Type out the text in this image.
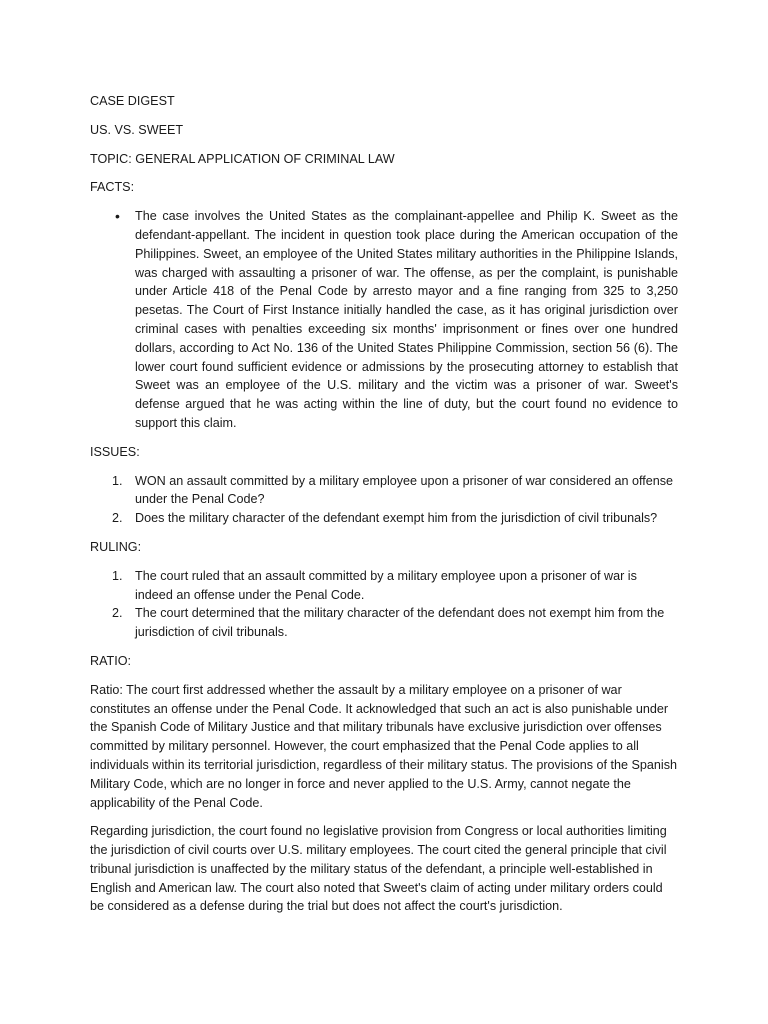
CASE DIGEST

US. VS. SWEET

TOPIC: GENERAL APPLICATION OF CRIMINAL LAW

FACTS:

• The case involves the United States as the complainant-appellee and Philip K. Sweet as the defendant-appellant. The incident in question took place during the American occupation of the Philippines. Sweet, an employee of the United States military authorities in the Philippine Islands, was charged with assaulting a prisoner of war. The offense, as per the complaint, is punishable under Article 418 of the Penal Code by arresto mayor and a fine ranging from 325 to 3,250 pesetas. The Court of First Instance initially handled the case, as it has original jurisdiction over criminal cases with penalties exceeding six months' imprisonment or fines over one hundred dollars, according to Act No. 136 of the United States Philippine Commission, section 56 (6). The lower court found sufficient evidence or admissions by the prosecuting attorney to establish that Sweet was an employee of the U.S. military and the victim was a prisoner of war. Sweet's defense argued that he was acting within the line of duty, but the court found no evidence to support this claim.

ISSUES:

1. WON an assault committed by a military employee upon a prisoner of war considered an offense under the Penal Code?
2. Does the military character of the defendant exempt him from the jurisdiction of civil tribunals?

RULING:

1. The court ruled that an assault committed by a military employee upon a prisoner of war is indeed an offense under the Penal Code.
2. The court determined that the military character of the defendant does not exempt him from the jurisdiction of civil tribunals.

RATIO:

Ratio: The court first addressed whether the assault by a military employee on a prisoner of war constitutes an offense under the Penal Code. It acknowledged that such an act is also punishable under the Spanish Code of Military Justice and that military tribunals have exclusive jurisdiction over offenses committed by military personnel. However, the court emphasized that the Penal Code applies to all individuals within its territorial jurisdiction, regardless of their military status. The provisions of the Spanish Military Code, which are no longer in force and never applied to the U.S. Army, cannot negate the applicability of the Penal Code.

Regarding jurisdiction, the court found no legislative provision from Congress or local authorities limiting the jurisdiction of civil courts over U.S. military employees. The court cited the general principle that civil tribunal jurisdiction is unaffected by the military status of the defendant, a principle well-established in English and American law. The court also noted that Sweet's claim of acting under military orders could be considered as a defense during the trial but does not affect the court's jurisdiction.
